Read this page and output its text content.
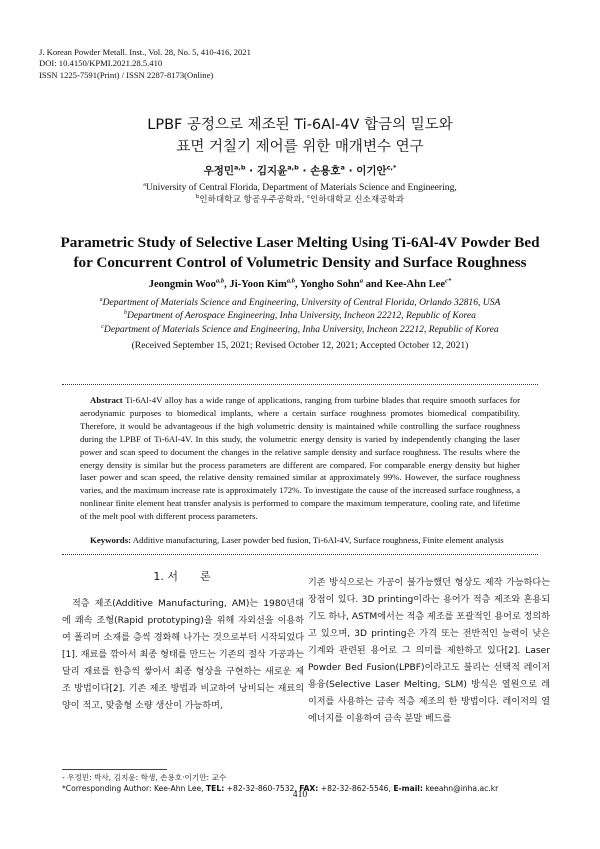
J. Korean Powder Metall. Inst., Vol. 28, No. 5, 410-416, 2021
DOI: 10.4150/KPMI.2021.28.5.410
ISSN 1225-7591(Print) / ISSN 2287-8173(Online)
LPBF 공정으로 제조된 Ti-6Al-4V 합금의 밀도와
표면 거칠기 제어를 위한 매개변수 연구
우정민$^{a,b}$ · 김지윤$^{a,b}$ · 손용호$^a$ · 이기안$^{c,*}$
$^a$University of Central Florida, Department of Materials Science and Engineering,
$^b$인하대학교 항공우주공학과, $^c$인하대학교 신소재공학과
Parametric Study of Selective Laser Melting Using Ti-6Al-4V Powder Bed
for Concurrent Control of Volumetric Density and Surface Roughness
Jeongmin Woo$^{a,b}$, Ji-Yoon Kim$^{a,b}$, Yongho Sohn$^a$ and Kee-Ahn Lee$^{c*}$
$^a$Department of Materials Science and Engineering, University of Central Florida, Orlando 32816, USA
$^b$Department of Aerospace Engineering, Inha University, Incheon 22212, Republic of Korea
$^c$Department of Materials Science and Engineering, Inha University, Incheon 22212, Republic of Korea
(Received September 15, 2021; Revised October 12, 2021; Accepted October 12, 2021)
Abstract Ti-6Al-4V alloy has a wide range of applications, ranging from turbine blades that require smooth surfaces for aerodynamic purposes to biomedical implants, where a certain surface roughness promotes biomedical compatibility. Therefore, it would be advantageous if the high volumetric density is maintained while controlling the surface roughness during the LPBF of Ti-6Al-4V. In this study, the volumetric energy density is varied by independently changing the laser power and scan speed to document the changes in the relative sample density and surface roughness. The results where the energy density is similar but the process parameters are different are compared. For comparable energy density but higher laser power and scan speed, the relative density remained similar at approximately 99%. However, the surface roughness varies, and the maximum increase rate is approximately 172%. To investigate the cause of the increased surface roughness, a nonlinear finite element heat transfer analysis is performed to compare the maximum temperature, cooling rate, and lifetime of the melt pool with different process parameters.
Keywords: Additive manufacturing, Laser powder bed fusion, Ti-6Al-4V, Surface roughness, Finite element analysis
1. 서　　론
적층 제조(Additive Manufacturing, AM)는 1980년대에 쾌속 조형(Rapid prototyping)을 위해 자외선을 이용하여 폴리머 소재를 층씩 경화해 나가는 것으로부터 시작되었다[1]. 재료를 깎아서 최종 형태를 만드는 기존의 절삭 가공과는 달리 재료를 한층씩 쌓아서 최종 형상을 구현하는 새로운 제조 방법이다[2]. 기존 제조 방법과 비교하여 낭비되는 재료의 양이 적고, 맞춤형 소량 생산이 가능하며,
기존 방식으로는 가공이 불가능했던 형상도 제작 가능하다는 장점이 있다. 3D printing이라는 용어가 적층 제조와 혼용되기도 하나, ASTM에서는 적층 제조를 포괄적인 용어로 정의하고 있으며, 3D printing은 가격 또는 전반적인 능력이 낮은 기계와 관련된 용어로 그 의미를 제한하고 있다[2]. Laser Powder Bed Fusion(LPBF)이라고도 불리는 선택적 레이저 용융(Selective Laser Melting, SLM) 방식은 열원으로 레이저를 사용하는 금속 적층 제조의 한 방법이다. 레이저의 열 에너지를 이용하여 금속 분말 베드를
- 우정민: 박사, 김지윤: 학생, 손용호·이기안: 교수
*Corresponding Author: Kee-Ahn Lee, TEL: +82-32-860-7532, FAX: +82-32-862-5546, E-mail: keeahn@inha.ac.kr
410
